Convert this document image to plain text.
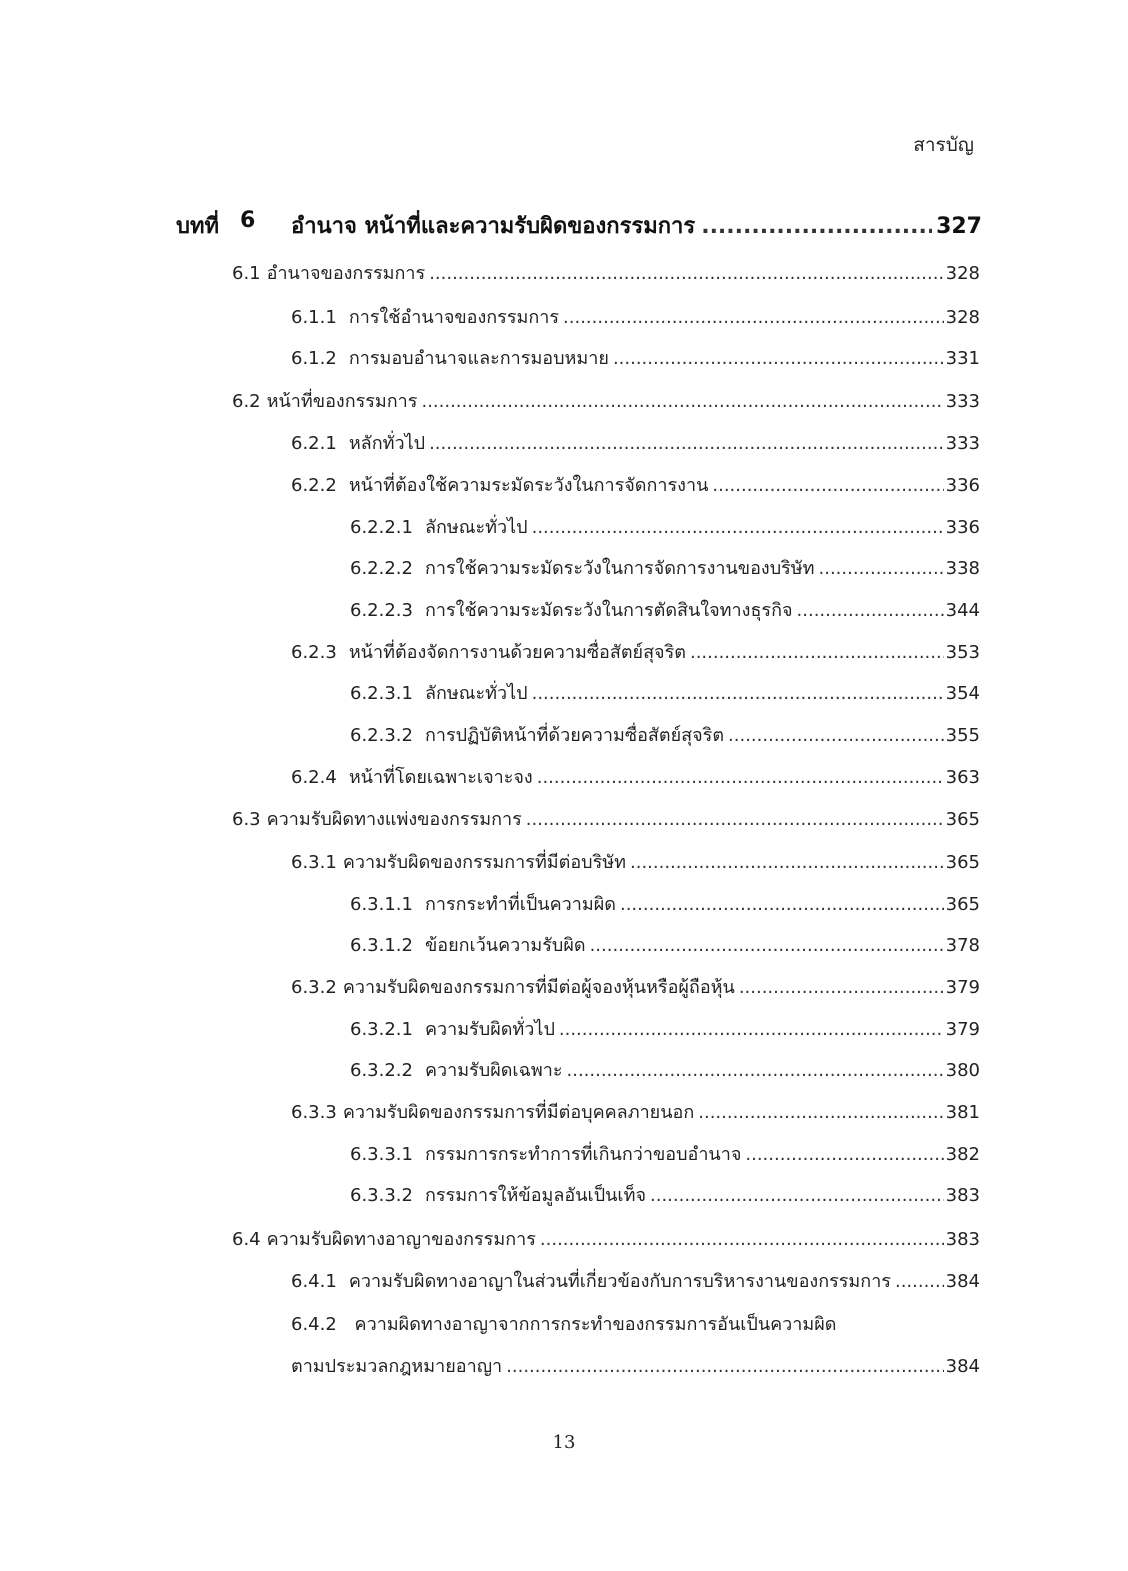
สารบัญ
บทที่ 6 อำนาจ หน้าที่และความรับผิดของกรรมการ .....	327
6.1 อำนาจของกรรมการ .....	328
6.1.1 การใช้อำนาจของกรรมการ .....	328
6.1.2 การมอบอำนาจและการมอบหมาย .....	331
6.2 หน้าที่ของกรรมการ .....	333
6.2.1 หลักทั่วไป .....	333
6.2.2 หน้าที่ต้องใช้ความระมัดระวังในการจัดการงาน .....	336
6.2.2.1 ลักษณะทั่วไป .....	336
6.2.2.2 การใช้ความระมัดระวังในการจัดการงานของบริษัท .....	338
6.2.2.3 การใช้ความระมัดระวังในการตัดสินใจทางธุรกิจ .....	344
6.2.3 หน้าที่ต้องจัดการงานด้วยความซื่อสัตย์สุจริต .....	353
6.2.3.1 ลักษณะทั่วไป .....	354
6.2.3.2 การปฏิบัติหน้าที่ด้วยความซื่อสัตย์สุจริต .....	355
6.2.4 หน้าที่โดยเฉพาะเจาะจง .....	363
6.3 ความรับผิดทางแพ่งของกรรมการ .....	365
6.3.1 ความรับผิดของกรรมการที่มีต่อบริษัท .....	365
6.3.1.1 การกระทำที่เป็นความผิด .....	365
6.3.1.2 ข้อยกเว้นความรับผิด .....	378
6.3.2 ความรับผิดของกรรมการที่มีต่อผู้จองหุ้นหรือผู้ถือหุ้น .....	379
6.3.2.1 ความรับผิดทั่วไป .....	379
6.3.2.2 ความรับผิดเฉพาะ .....	380
6.3.3 ความรับผิดของกรรมการที่มีต่อบุคคลภายนอก .....	381
6.3.3.1 กรรมการกระทำการที่เกินกว่าขอบอำนาจ .....	382
6.3.3.2 กรรมการให้ข้อมูลอันเป็นเท็จ .....	383
6.4 ความรับผิดทางอาญาของกรรมการ .....	383
6.4.1 ความรับผิดทางอาญาในส่วนที่เกี่ยวข้องกับการบริหารงานของกรรมการ .....	384
6.4.2 ความผิดทางอาญาจากการกระทำของกรรมการอันเป็นความผิด
ตามประมวลกฎหมายอาญา .....	384
13
